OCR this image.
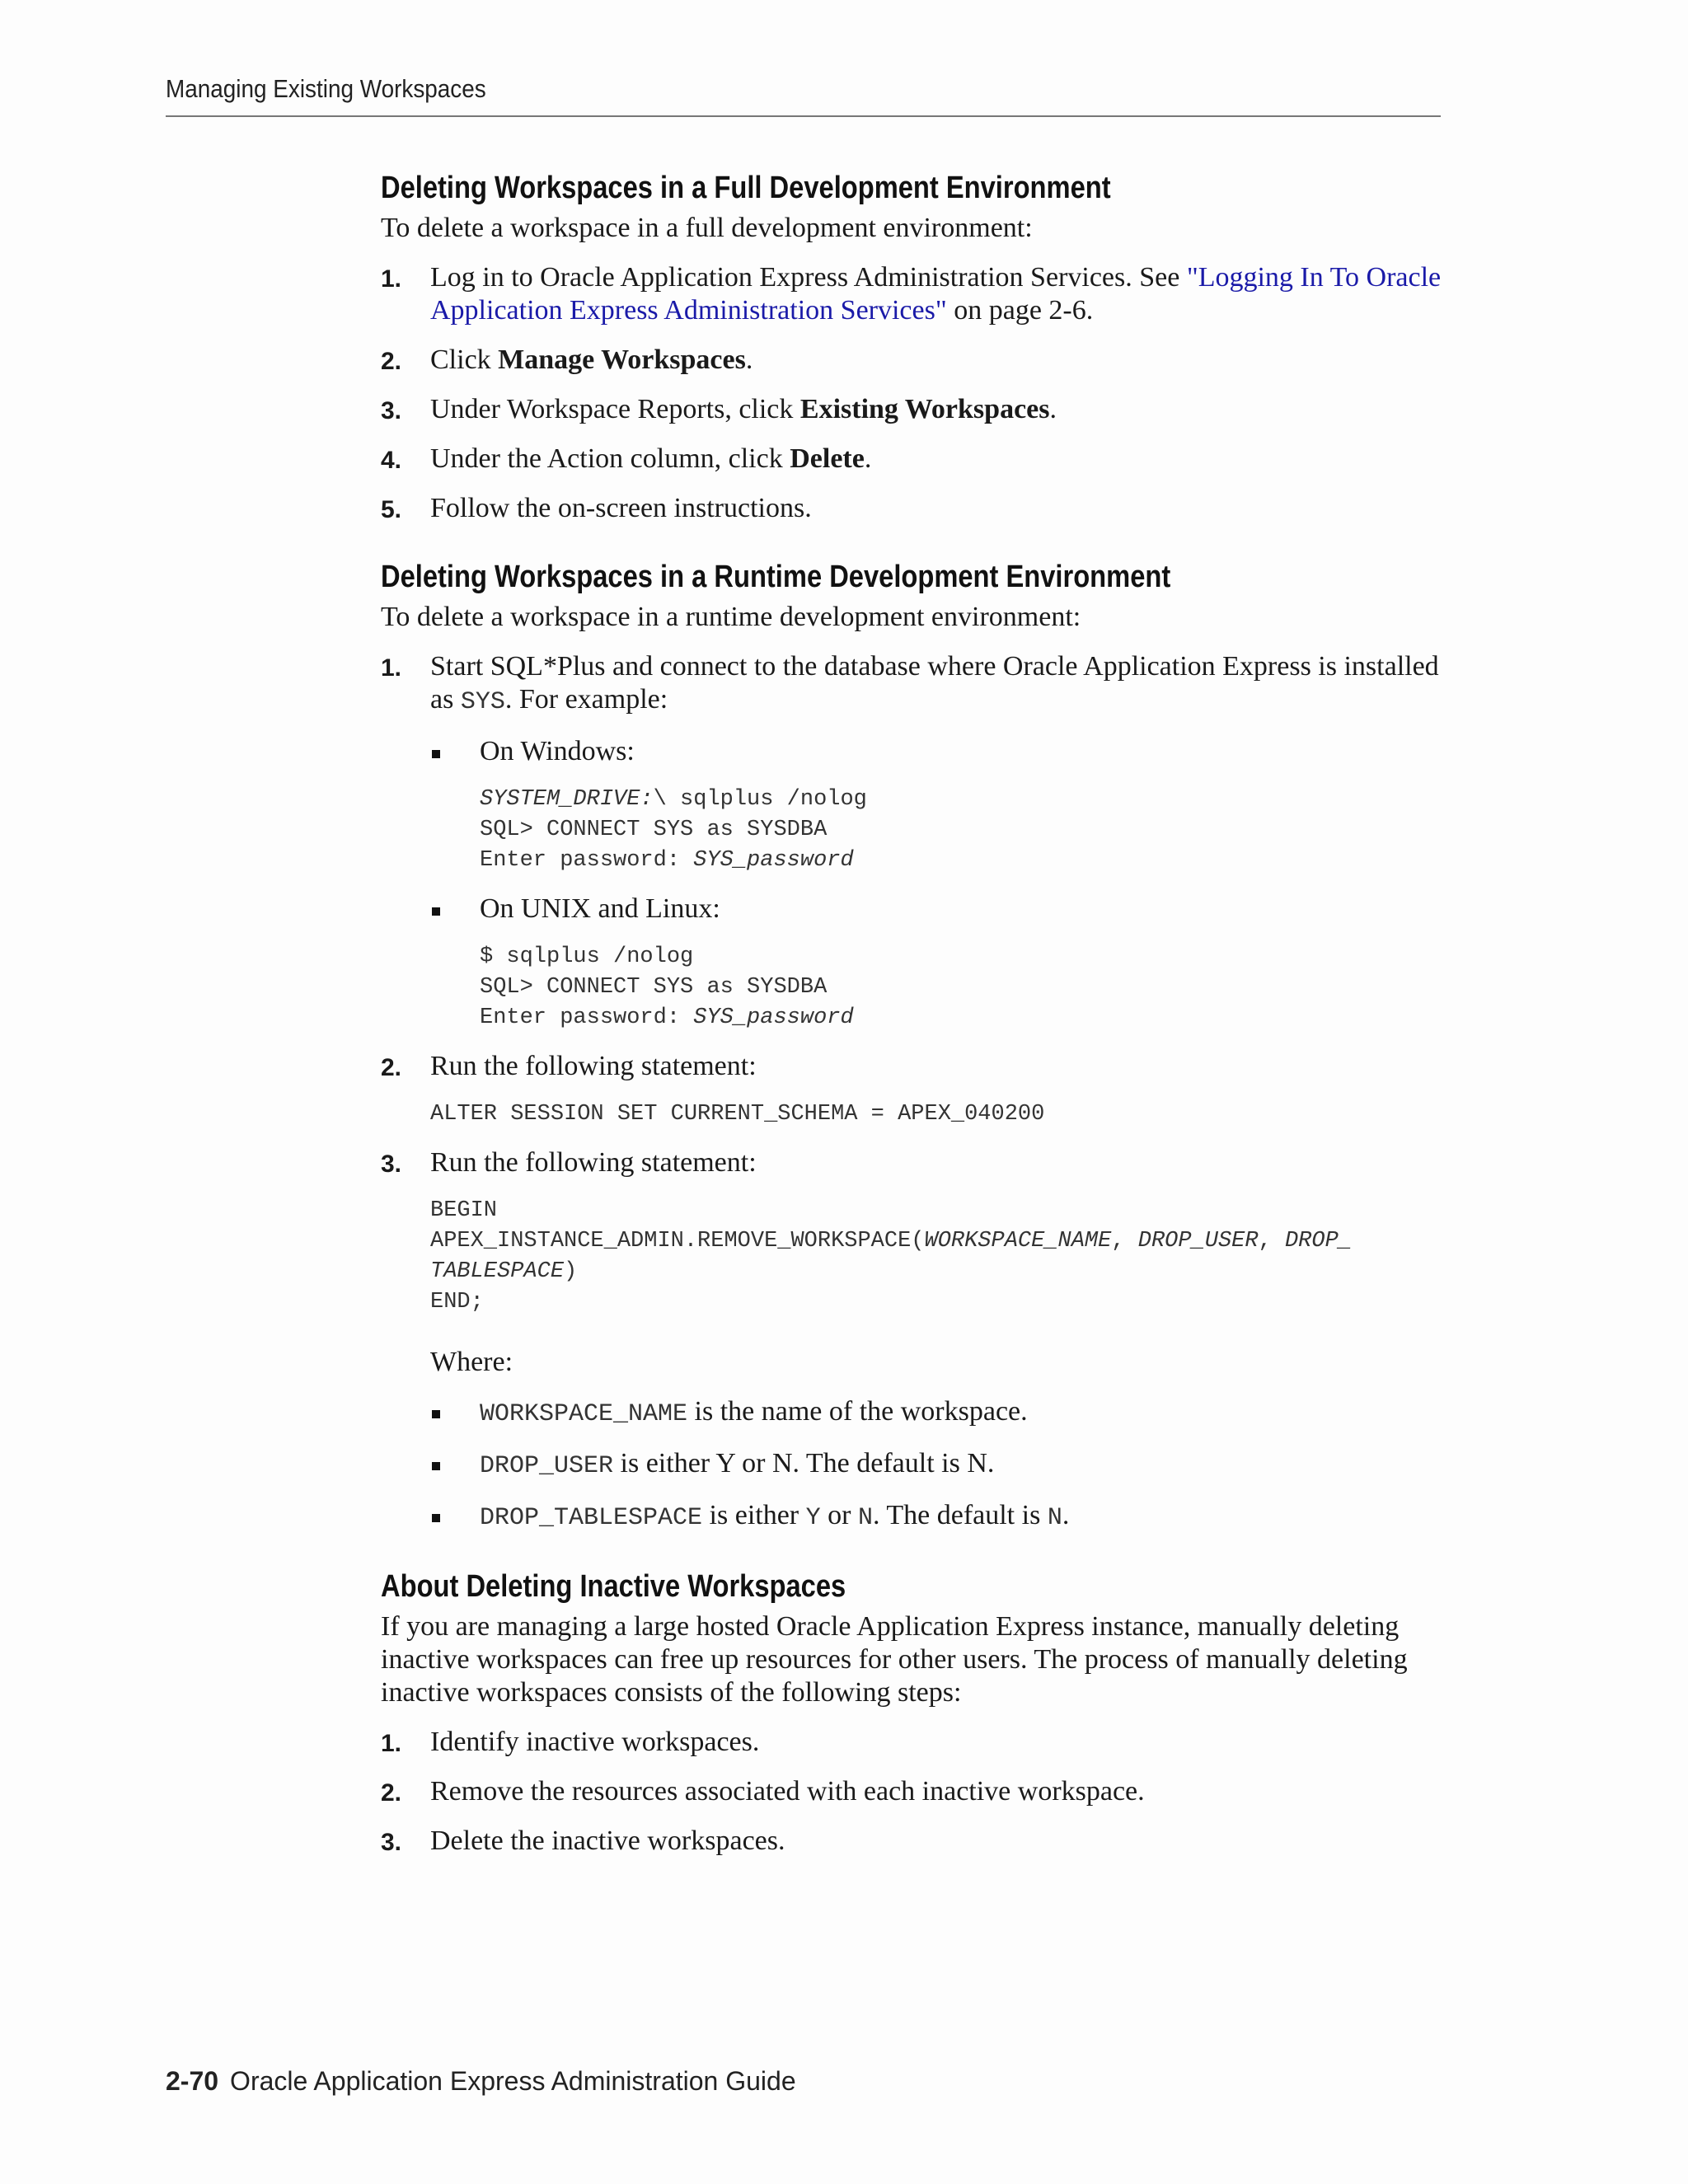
Managing Existing Workspaces
Deleting Workspaces in a Full Development Environment

To delete a workspace in a full development environment:

1. Log in to Oracle Application Express Administration Services. See "Logging In To Oracle Application Express Administration Services" on page 2-6.
2. Click Manage Workspaces.
3. Under Workspace Reports, click Existing Workspaces.
4. Under the Action column, click Delete.
5. Follow the on-screen instructions.
Deleting Workspaces in a Runtime Development Environment

To delete a workspace in a runtime development environment:

1. Start SQL*Plus and connect to the database where Oracle Application Express is installed as SYS. For example:
On Windows:
SYSTEM_DRIVE:\ sqlplus /nolog
SQL> CONNECT SYS as SYSDBA
Enter password: SYS_password
On UNIX and Linux:
$ sqlplus /nolog
SQL> CONNECT SYS as SYSDBA
Enter password: SYS_password
2. Run the following statement:
ALTER SESSION SET CURRENT_SCHEMA = APEX_040200
3. Run the following statement:
BEGIN
APEX_INSTANCE_ADMIN.REMOVE_WORKSPACE(WORKSPACE_NAME, DROP_USER, DROP_
TABLESPACE)
END;

Where:

WORKSPACE_NAME is the name of the workspace.
DROP_USER is either Y or N. The default is N.
DROP_TABLESPACE is either Y or N. The default is N.
About Deleting Inactive Workspaces

If you are managing a large hosted Oracle Application Express instance, manually deleting inactive workspaces can free up resources for other users. The process of manually deleting inactive workspaces consists of the following steps:

1. Identify inactive workspaces.
2. Remove the resources associated with each inactive workspace.
3. Delete the inactive workspaces.
2-70 Oracle Application Express Administration Guide
